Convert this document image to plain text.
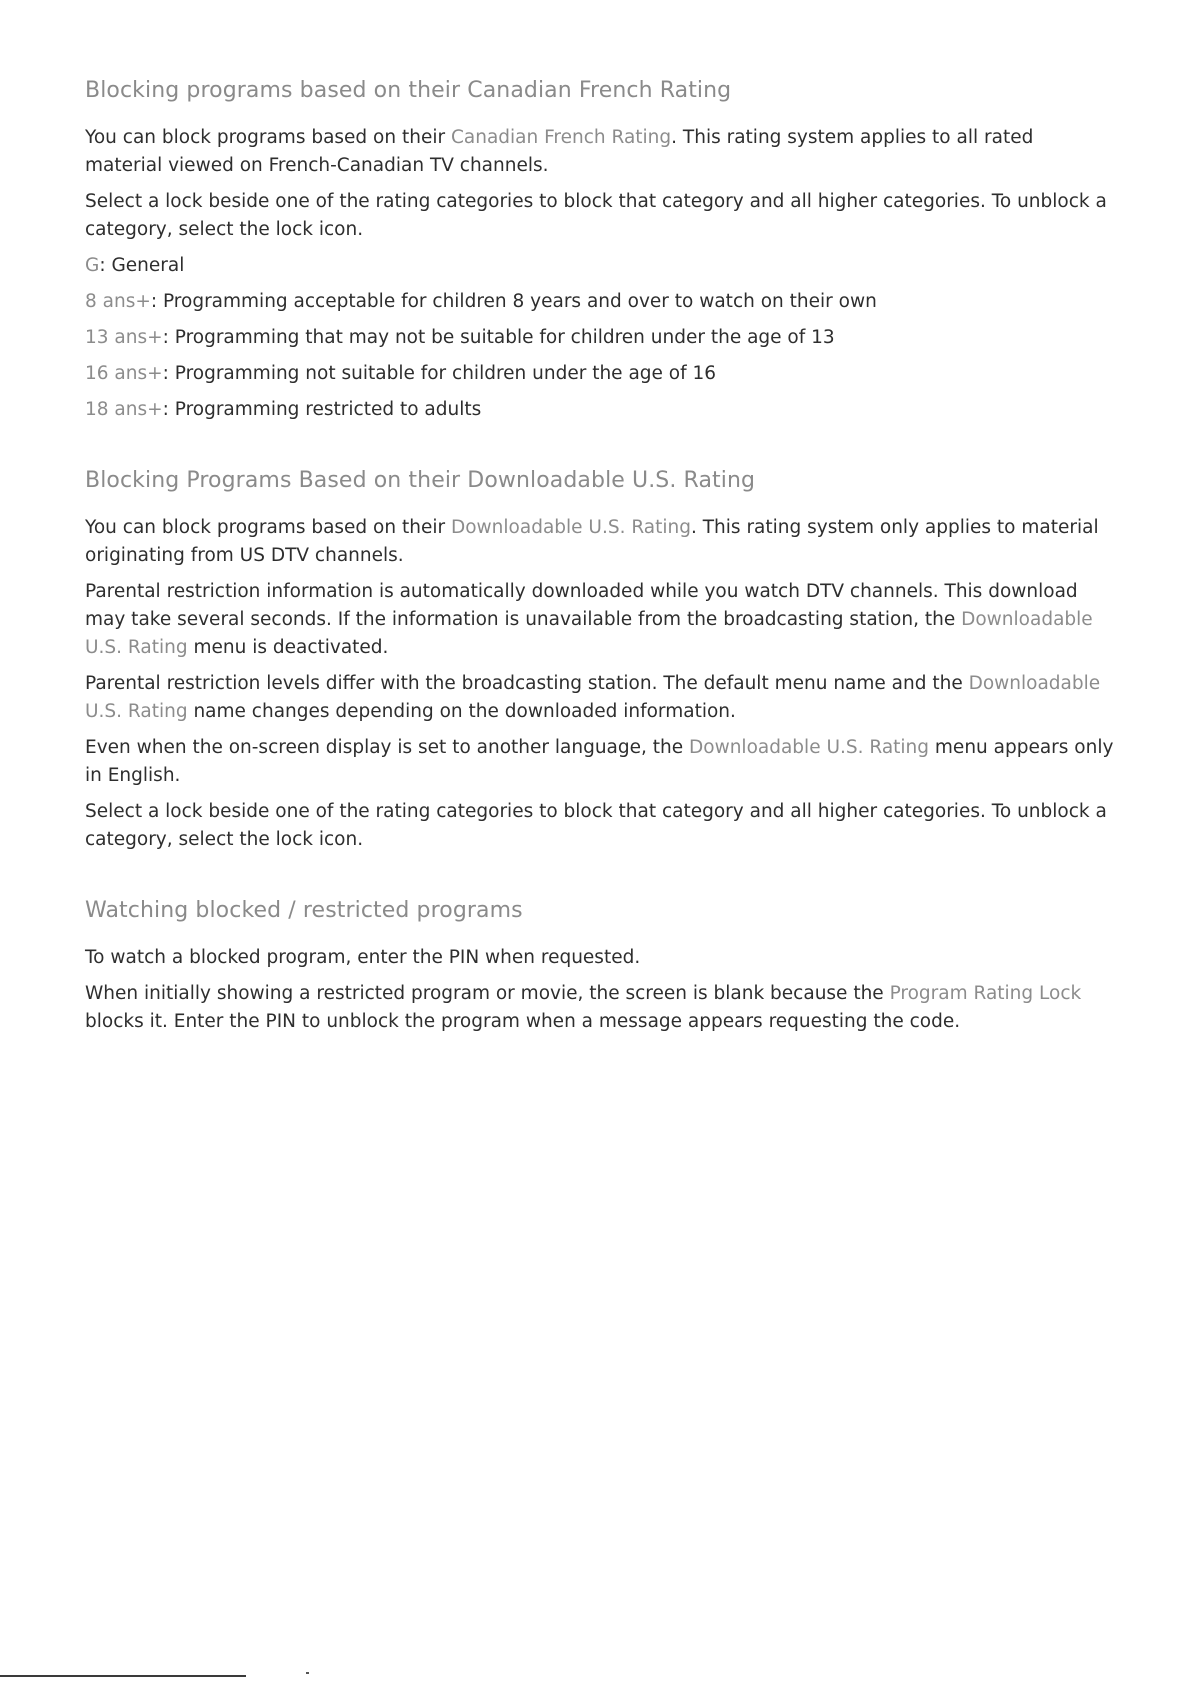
Blocking programs based on their Canadian French Rating

You can block programs based on their Canadian French Rating. This rating system applies to all rated material viewed on French-Canadian TV channels.

Select a lock beside one of the rating categories to block that category and all higher categories. To unblock a category, select the lock icon.

G: General

8 ans+: Programming acceptable for children 8 years and over to watch on their own

13 ans+: Programming that may not be suitable for children under the age of 13

16 ans+: Programming not suitable for children under the age of 16

18 ans+: Programming restricted to adults

Blocking Programs Based on their Downloadable U.S. Rating

You can block programs based on their Downloadable U.S. Rating. This rating system only applies to material originating from US DTV channels.

Parental restriction information is automatically downloaded while you watch DTV channels. This download may take several seconds. If the information is unavailable from the broadcasting station, the Downloadable U.S. Rating menu is deactivated.

Parental restriction levels differ with the broadcasting station. The default menu name and the Downloadable U.S. Rating name changes depending on the downloaded information.

Even when the on-screen display is set to another language, the Downloadable U.S. Rating menu appears only in English.

Select a lock beside one of the rating categories to block that category and all higher categories. To unblock a category, select the lock icon.

Watching blocked / restricted programs

To watch a blocked program, enter the PIN when requested.

When initially showing a restricted program or movie, the screen is blank because the Program Rating Lock blocks it. Enter the PIN to unblock the program when a message appears requesting the code.
